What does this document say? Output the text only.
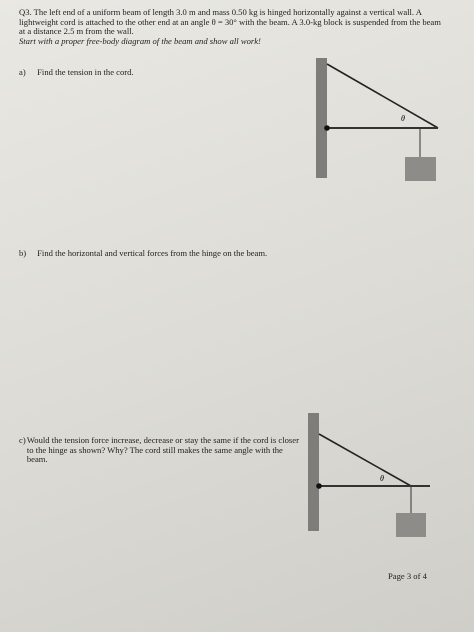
Q3. The left end of a uniform beam of length 3.0 m and mass 0.50 kg is hinged horizontally against a vertical wall. A lightweight cord is attached to the other end at an angle θ = 30° with the beam. A 3.0-kg block is suspended from the beam at a distance 2.5 m from the wall.

Start with a proper free-body diagram of the beam and show all work!

a) Find the tension in the cord.
θ
b) Find the horizontal and vertical forces from the hinge on the beam.
c) Would the tension force increase, decrease or stay the same if the cord is closer to the hinge as shown? Why? The cord still makes the same angle with the beam.
θ
Page 3 of 4
